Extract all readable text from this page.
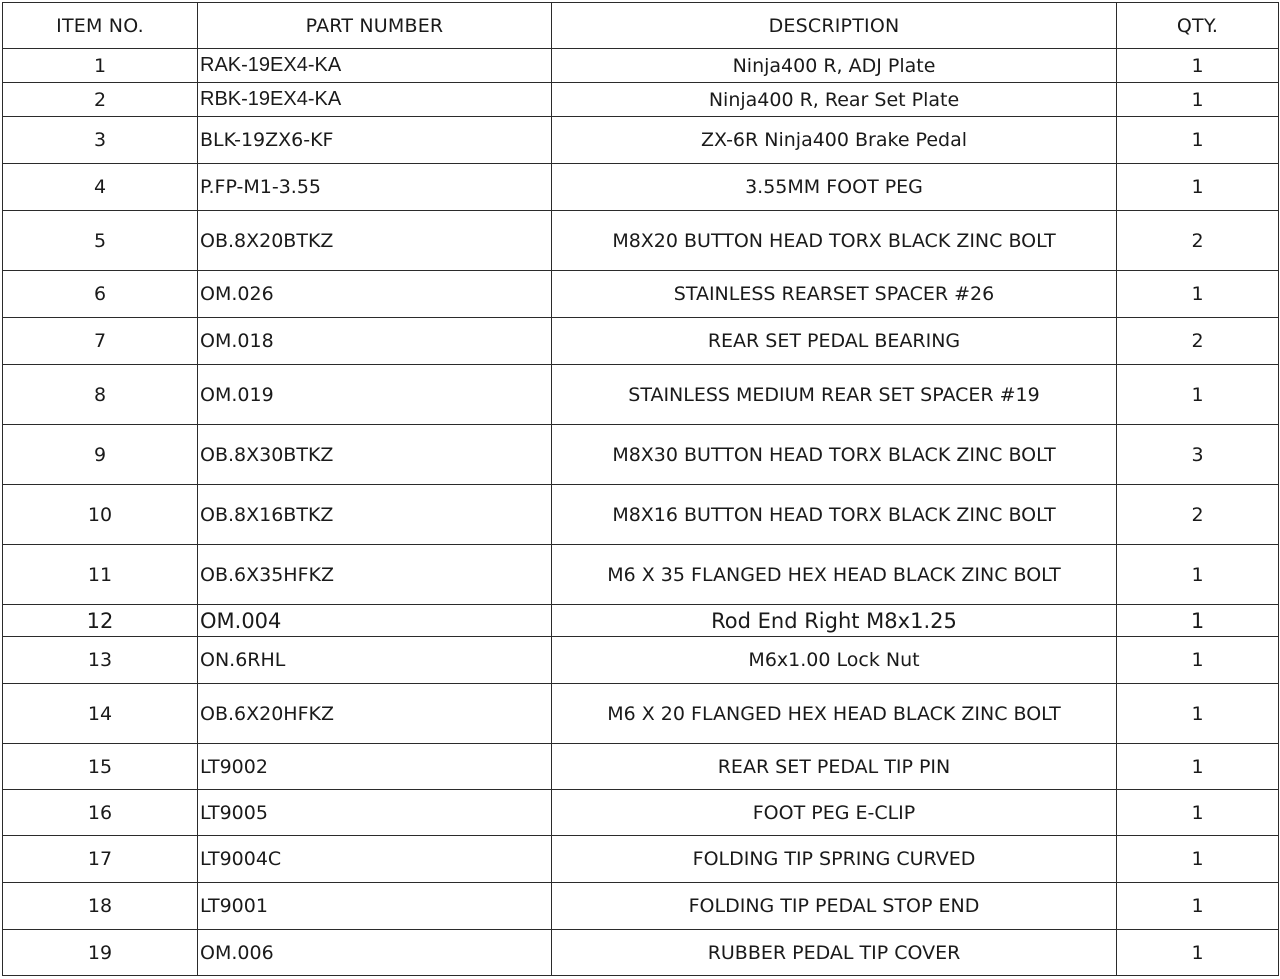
ITEM NO.	PART NUMBER	DESCRIPTION	QTY.
1	RAK-19EX4-KA	Ninja400 R, ADJ Plate	1
2	RBK-19EX4-KA	Ninja400 R, Rear Set Plate	1
3	BLK-19ZX6-KF	ZX-6R Ninja400 Brake Pedal	1
4	P.FP-M1-3.55	3.55MM FOOT PEG	1
5	OB.8X20BTKZ	M8X20 BUTTON HEAD TORX BLACK ZINC BOLT	2
6	OM.026	STAINLESS REARSET SPACER #26	1
7	OM.018	REAR SET PEDAL BEARING	2
8	OM.019	STAINLESS MEDIUM REAR SET SPACER #19	1
9	OB.8X30BTKZ	M8X30 BUTTON HEAD TORX BLACK ZINC BOLT	3
10	OB.8X16BTKZ	M8X16 BUTTON HEAD TORX BLACK ZINC BOLT	2
11	OB.6X35HFKZ	M6 X 35 FLANGED HEX HEAD BLACK ZINC BOLT	1
12	OM.004	Rod End Right M8x1.25	1
13	ON.6RHL	M6x1.00 Lock Nut	1
14	OB.6X20HFKZ	M6 X 20 FLANGED HEX HEAD BLACK ZINC BOLT	1
15	LT9002	REAR SET PEDAL TIP PIN	1
16	LT9005	FOOT PEG E-CLIP	1
17	LT9004C	FOLDING TIP SPRING CURVED	1
18	LT9001	FOLDING TIP PEDAL STOP END	1
19	OM.006	RUBBER PEDAL TIP COVER	1
